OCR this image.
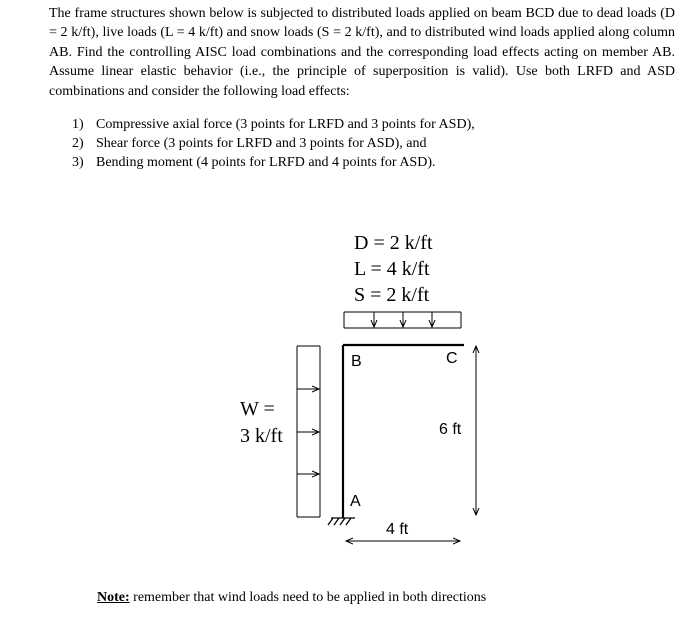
The frame structures shown below is subjected to distributed loads applied on beam BCD due to dead loads (D = 2 k/ft), live loads (L = 4 k/ft) and snow loads (S = 2 k/ft), and to distributed wind loads applied along column AB. Find the controlling AISC load combinations and the corresponding load effects acting on member AB. Assume linear elastic behavior (i.e., the principle of superposition is valid). Use both LRFD and ASD combinations and consider the following load effects:
1) Compressive axial force (3 points for LRFD and 3 points for ASD),
2) Shear force (3 points for LRFD and 3 points for ASD), and
3) Bending moment (4 points for LRFD and 4 points for ASD).
D = 2 k/ft
L = 4 k/ft
S = 2 k/ft
B	C
A
W =
3 k/ft	6 ft
4 ft
Note: remember that wind loads need to be applied in both directions
